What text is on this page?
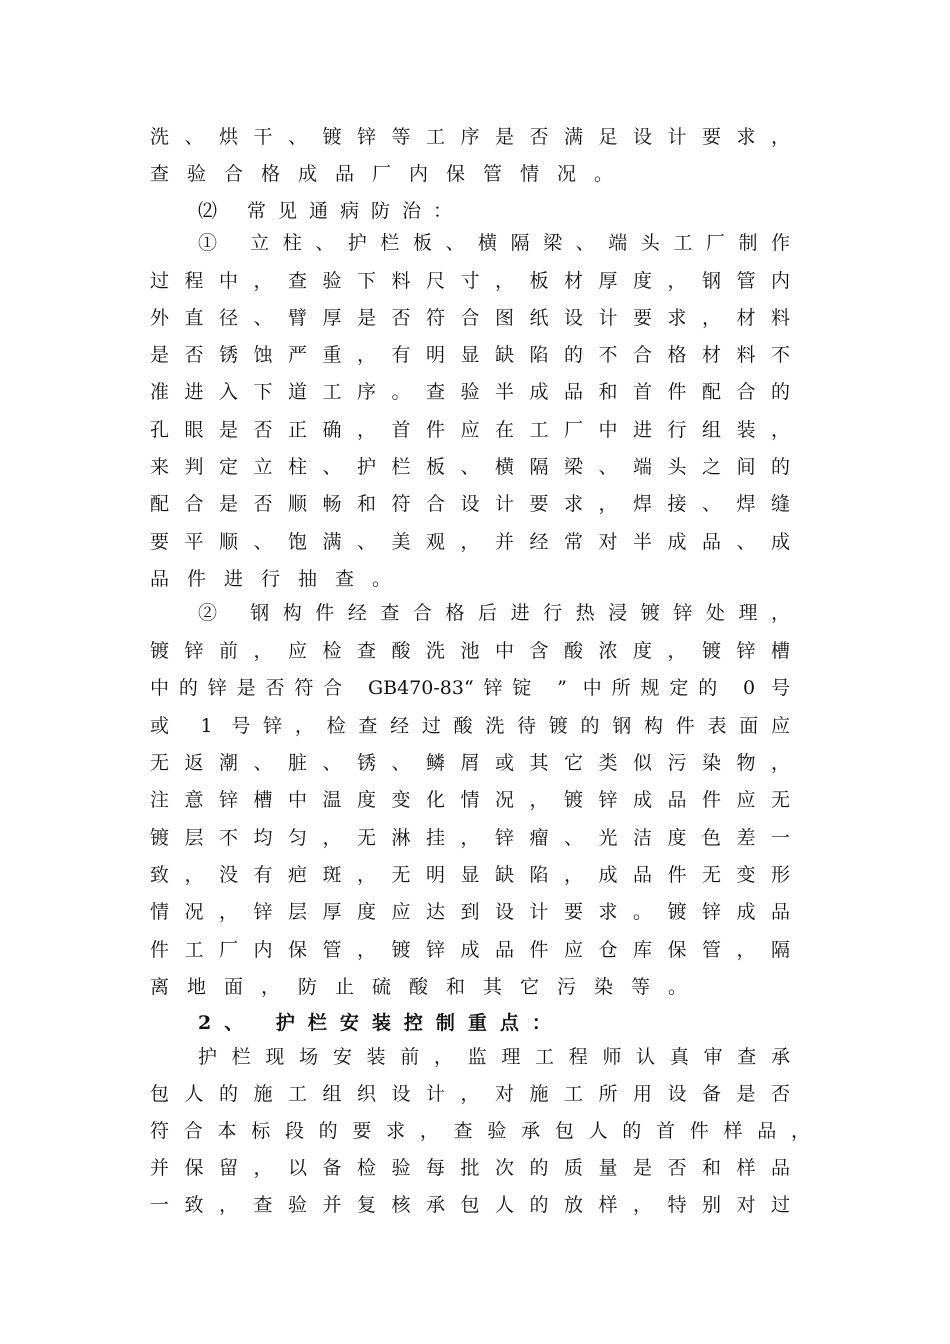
洗、烘干、镀锌等工序是否满足设计要求，
查验合格成品厂内保管情况。
⑵ 常见通病防治：
① 立柱、护栏板、横隔梁、端头工厂制作
过程中，查验下料尺寸，板材厚度，钢管内
外直径、臂厚是否符合图纸设计要求，材料
是否锈蚀严重，有明显缺陷的不合格材料不
准进入下道工序。查验半成品和首件配合的
孔眼是否正确，首件应在工厂中进行组装，
来判定立柱、护栏板、横隔梁、端头之间的
配合是否顺畅和符合设计要求，焊接、焊缝
要平顺、饱满、美观，并经常对半成品、成
品件进行抽查。
② 钢构件经查合格后进行热浸镀锌处理，
镀锌前，应检查酸洗池中含酸浓度，镀锌槽
中的锌是否符合 GB470-83“锌锭 ” 中所规定的 0 号
或 1 号锌，检查经过酸洗待镀的钢构件表面应
无返潮、脏、锈、鳞屑或其它类似污染物，
注意锌槽中温度变化情况，镀锌成品件应无
镀层不均匀，无淋挂，锌瘤、光洁度色差一
致，没有疤斑，无明显缺陷，成品件无变形
情况，锌层厚度应达到设计要求。镀锌成品
件工厂内保管，镀锌成品件应仓库保管，隔
离地面，防止硫酸和其它污染等。
2、 护栏安装控制重点：
护栏现场安装前，监理工程师认真审查承
包人的施工组织设计，对施工所用设备是否
符合本标段的要求，查验承包人的首件样品，
并保留，以备检验每批次的质量是否和样品
一致，查验并复核承包人的放样，特别对过
